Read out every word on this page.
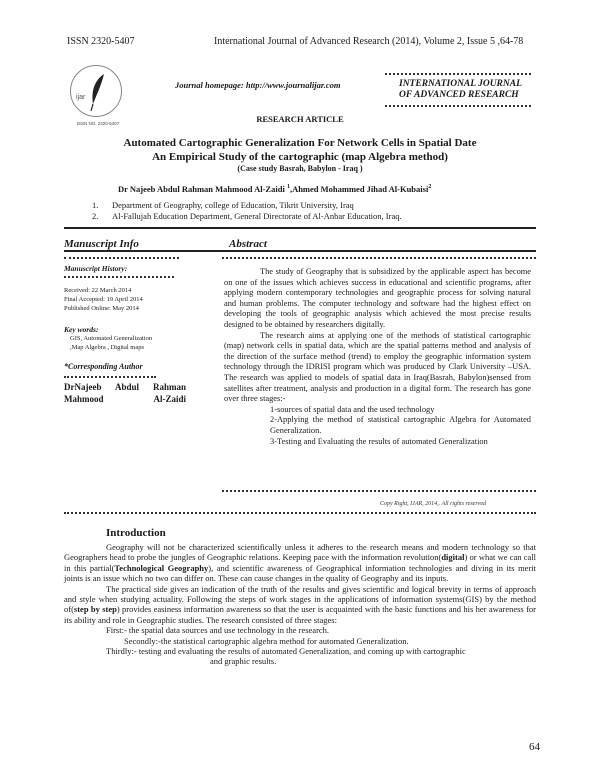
ISSN 2320-5407	International Journal of Advanced Research (2014), Volume 2, Issue 5 ,64-78
ijar
ISSN NO. 2320-5407
Journal homepage: http://www.journalijar.com	INTERNATIONAL JOURNAL
OF ADVANCED RESEARCH
RESEARCH ARTICLE
Automated Cartographic Generalization For Network Cells in Spatial Date
An Empirical Study of the cartographic (map Algebra method)
(Case study Basrah, Babylon - Iraq )
Dr Najeeb Abdul Rahman Mahmood Al-Zaidi $^1$,Ahmed Mohammed Jihad Al-Kubaisi$^2$
1. Department of Geography, college of Education, Tikrit University, Iraq
2. Al-Fallujah Education Department, General Directorate of Al-Anbar Education, Iraq.
Manuscript Info	Abstract
Manuscript History:
Received: 22 March 2014
Final Accepted: 19 April 2014
Published Online: May 2014
Key words:
GIS, Automated Generalization
,Map Algebra , Digital maps
*Corresponding Author
DrNajeeb Abdul Rahman Mahmood Al-Zaidi

The study of Geography that is subsidized by the applicable aspect has become on one of the issues which achieves success in educational and scientific programs, after applying modern contemporary technologies and geographic process for solving natural and human problems. The computer technology and software had the highest effect on developing the tools of geographic analysis which achieved the most precise results designed to be obtained by researchers digitally.

The research aims at applying one of the methods of statistical cartographic (map) network cells in spatial data, which are the spatial patterns method and analysis of the direction of the surface method (trend) to employ the geographic information system technology through the IDRISI program which was produced by Clark University –USA. The research was applied to models of spatial data in Iraq(Basrah, Babylon)sensed from satellites after treatment, analysis and production in a digital form. The research has gone over three stages:-

1-sources of spatial data and the used technology
2-Applying the method of statistical cartographic Algebra for Automated Generalization.
3-Testing and Evaluating the results of automated Generalization
Copy Right, IJAR, 2014,. All rights reserved
Introduction

Geography will not be characterized scientifically unless it adheres to the research means and modern technology so that Geographers head to probe the jungles of Geographic relations. Keeping pace with the information revolution(digital) or what we can call in this partial(Technological Geography), and scientific awareness of Geographical information technologies and diving in its merit joints is an issue which no two can differ on. These can cause changes in the quality of Geography and its inputs.

The practical side gives an indication of the truth of the results and gives scientific and logical brevity in terms of approach and style when studying actuality. Following the steps of work stages in the applications of information systems(GIS) by the method of(step by step) provides easiness information awareness so that the user is acquainted with the basic functions and his her awareness for its ability and role in Geographic studies. The research consisted of three stages:

First:- the spatial data sources and use technology in the research.
Secondly:-the statistical cartographic algebra method for automated Generalization.
Thirdly:- testing and evaluating the results of automated Generalization, and coming up with cartographic
and graphic results.
64
